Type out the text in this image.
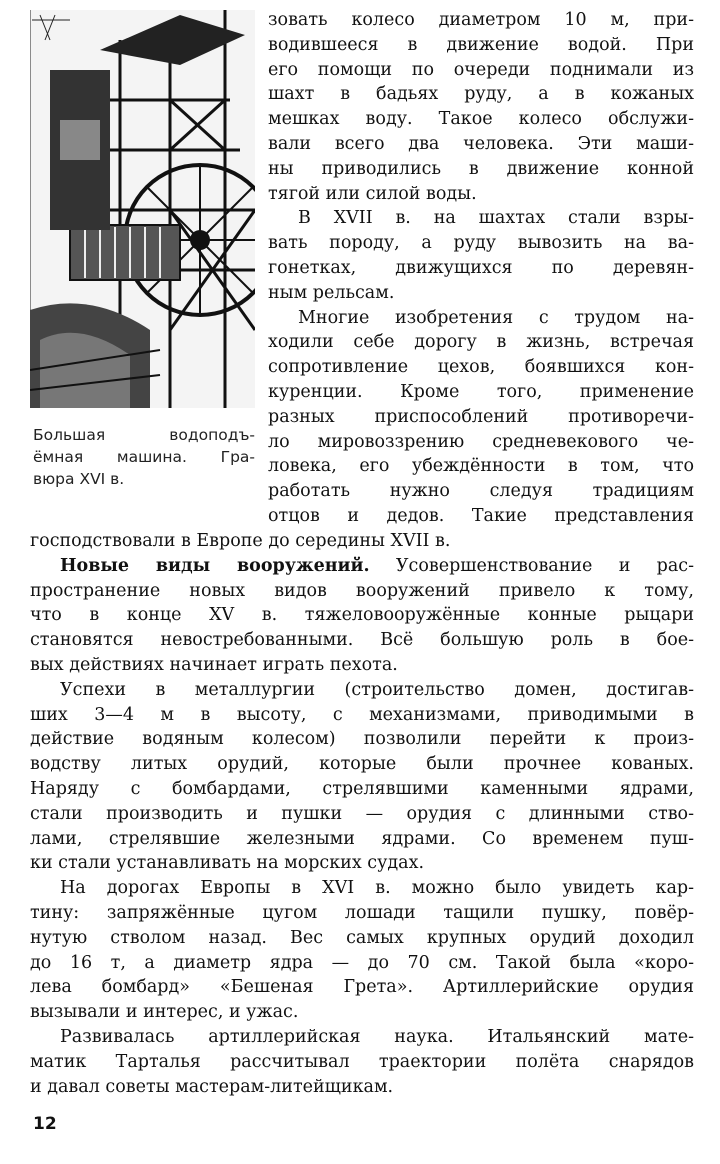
Большая водоподъ-
ёмная машина. Гра-
вюра XVI в.
зовать колесо диаметром 10 м, при-
водившееся в движение водой. При
его помощи по очереди поднимали из
шахт в бадьях руду, а в кожаных
мешках воду. Такое колесо обслужи-
вали всего два человека. Эти маши-
ны приводились в движение конной
тягой или силой воды.
В XVII в. на шахтах стали взры-
вать породу, а руду вывозить на ва-
гонетках, движущихся по деревян-
ным рельсам.
Многие изобретения с трудом на-
ходили себе дорогу в жизнь, встречая
сопротивление цехов, боявшихся кон-
куренции. Кроме того, применение
разных приспособлений противоречи-
ло мировоззрению средневекового че-
ловека, его убеждённости в том, что
работать нужно следуя традициям
отцов и дедов. Такие представления
господствовали в Европе до середины XVII в.
Новые виды вооружений. Усовершенствование и рас-
пространение новых видов вооружений привело к тому,
что в конце XV в. тяжеловооружённые конные рыцари
становятся невостребованными. Всё большую роль в бое-
вых действиях начинает играть пехота.
Успехи в металлургии (строительство домен, достигав-
ших 3—4 м в высоту, с механизмами, приводимыми в
действие водяным колесом) позволили перейти к произ-
водству литых орудий, которые были прочнее кованых.
Наряду с бомбардами, стрелявшими каменными ядрами,
стали производить и пушки — орудия с длинными ство-
лами, стрелявшие железными ядрами. Со временем пуш-
ки стали устанавливать на морских судах.
На дорогах Европы в XVI в. можно было увидеть кар-
тину: запряжённые цугом лошади тащили пушку, повёр-
нутую стволом назад. Вес самых крупных орудий доходил
до 16 т, а диаметр ядра — до 70 см. Такой была «коро-
лева бомбард» «Бешеная Грета». Артиллерийские орудия
вызывали и интерес, и ужас.
Развивалась артиллерийская наука. Итальянский мате-
матик Тарталья рассчитывал траектории полёта снарядов
и давал советы мастерам-литейщикам.
12
